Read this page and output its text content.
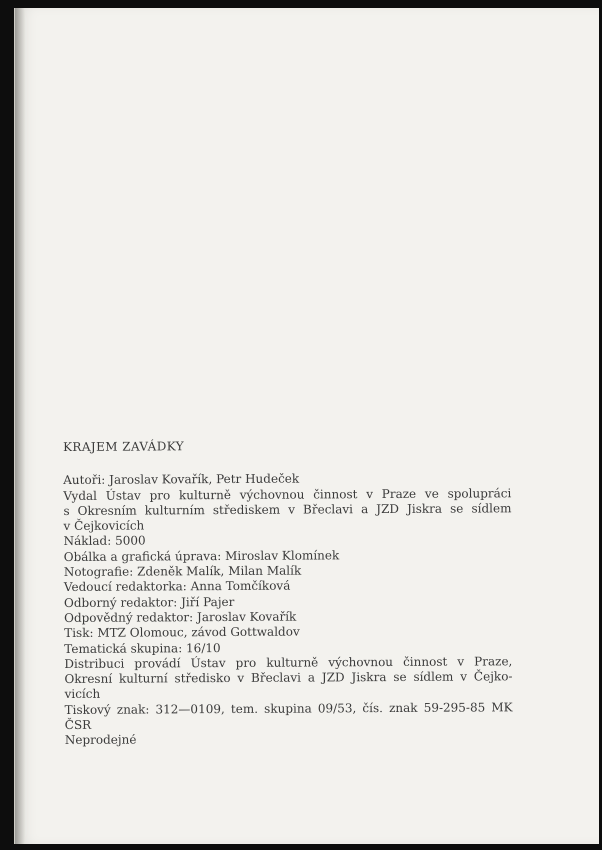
KRAJEM ZAVÁDKY
Autoři: Jaroslav Kovařík, Petr Hudeček
Vydal Ústav pro kulturně výchovnou činnost v Praze ve spolupráci
s Okresním kulturním střediskem v Břeclavi a JZD Jiskra se sídlem
v Čejkovicích
Náklad: 5000
Obálka a grafická úprava: Miroslav Klomínek
Notografie: Zdeněk Malík, Milan Malík
Vedoucí redaktorka: Anna Tomčíková
Odborný redaktor: Jiří Pajer
Odpovědný redaktor: Jaroslav Kovařík
Tisk: MTZ Olomouc, závod Gottwaldov
Tematická skupina: 16/10
Distribuci provádí Ústav pro kulturně výchovnou činnost v Praze,
Okresní kulturní středisko v Břeclavi a JZD Jiskra se sídlem v Čejko-
vicích
Tiskový znak: 312—0109, tem. skupina 09/53, čís. znak 59-295-85 MK
ČSR
Neprodejné
